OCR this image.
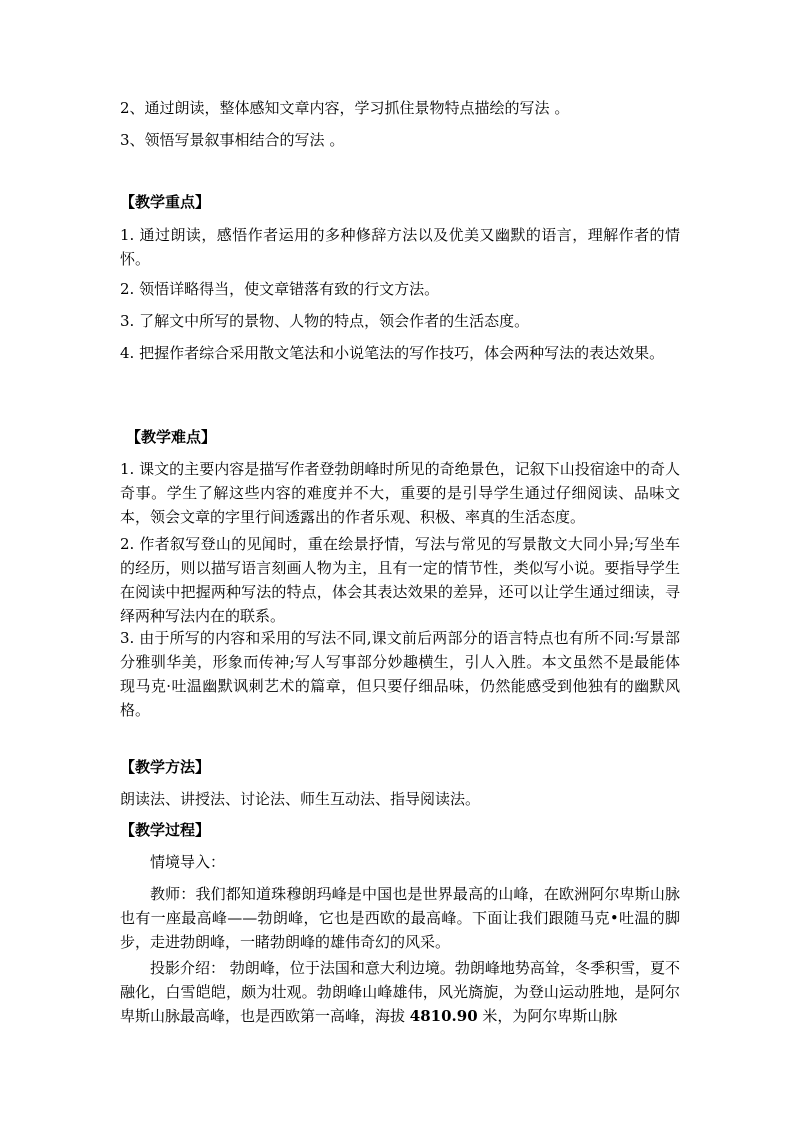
2、通过朗读，整体感知文章内容，学习抓住景物特点描绘的写法 。
3、领悟写景叙事相结合的写法 。
【教学重点】
1. 通过朗读，感悟作者运用的多种修辞方法以及优美又幽默的语言，理解作者的情怀。
2. 领悟详略得当，使文章错落有致的行文方法。
3. 了解文中所写的景物、人物的特点，领会作者的生活态度。
4. 把握作者综合采用散文笔法和小说笔法的写作技巧，体会两种写法的表达效果。
【教学难点】
1. 课文的主要内容是描写作者登勃朗峰时所见的奇绝景色，记叙下山投宿途中的奇人奇事。学生了解这些内容的难度并不大，重要的是引导学生通过仔细阅读、品味文本，领会文章的字里行间透露出的作者乐观、积极、率真的生活态度。
2. 作者叙写登山的见闻时，重在绘景抒情，写法与常见的写景散文大同小异;写坐车的经历，则以描写语言刻画人物为主，且有一定的情节性，类似写小说。要指导学生在阅读中把握两种写法的特点，体会其表达效果的差异，还可以让学生通过细读，寻绎两种写法内在的联系。
3. 由于所写的内容和采用的写法不同,课文前后两部分的语言特点也有所不同:写景部分雅驯华美，形象而传神;写人写事部分妙趣横生，引人入胜。本文虽然不是最能体现马克·吐温幽默讽刺艺术的篇章，但只要仔细品味，仍然能感受到他独有的幽默风格。
【教学方法】
朗读法、讲授法、讨论法、师生互动法、指导阅读法。
【教学过程】
情境导入：
教师：我们都知道珠穆朗玛峰是中国也是世界最高的山峰，在欧洲阿尔卑斯山脉也有一座最高峰——勃朗峰，它也是西欧的最高峰。下面让我们跟随马克•吐温的脚步，走进勃朗峰，一睹勃朗峰的雄伟奇幻的风采。
投影介绍： 勃朗峰，位于法国和意大利边境。勃朗峰地势高耸，冬季积雪，夏不融化，白雪皑皑，颇为壮观。勃朗峰山峰雄伟，风光旖旎，为登山运动胜地，是阿尔卑斯山脉最高峰，也是西欧第一高峰，海拔 4810.90 米，为阿尔卑斯山脉
